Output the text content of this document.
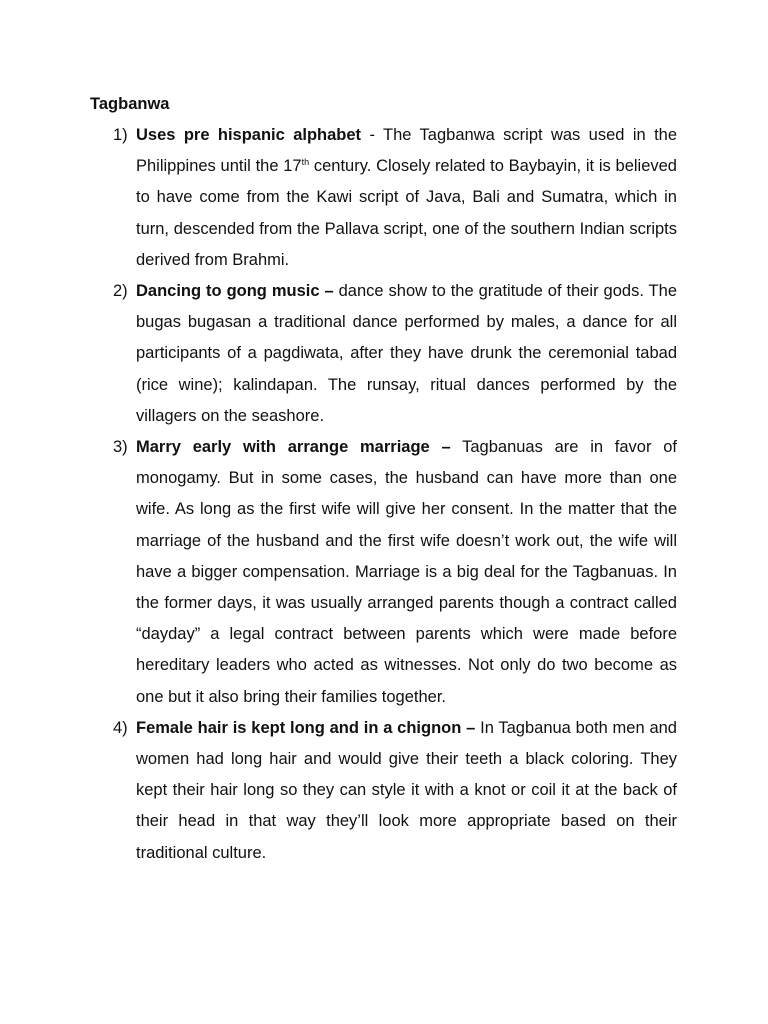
Tagbanwa
1) Uses pre hispanic alphabet - The Tagbanwa script was used in the Philippines until the 17th century. Closely related to Baybayin, it is believed to have come from the Kawi script of Java, Bali and Sumatra, which in turn, descended from the Pallava script, one of the southern Indian scripts derived from Brahmi.
2) Dancing to gong music – dance show to the gratitude of their gods. The bugas bugasan a traditional dance performed by males, a dance for all participants of a pagdiwata, after they have drunk the ceremonial tabad (rice wine); kalindapan. The runsay, ritual dances performed by the villagers on the seashore.
3) Marry early with arrange marriage – Tagbanuas are in favor of monogamy. But in some cases, the husband can have more than one wife. As long as the first wife will give her consent. In the matter that the marriage of the husband and the first wife doesn’t work out, the wife will have a bigger compensation. Marriage is a big deal for the Tagbanuas. In the former days, it was usually arranged parents though a contract called “dayday” a legal contract between parents which were made before hereditary leaders who acted as witnesses. Not only do two become as one but it also bring their families together.
4) Female hair is kept long and in a chignon – In Tagbanua both men and women had long hair and would give their teeth a black coloring. They kept their hair long so they can style it with a knot or coil it at the back of their head in that way they’ll look more appropriate based on their traditional culture.
